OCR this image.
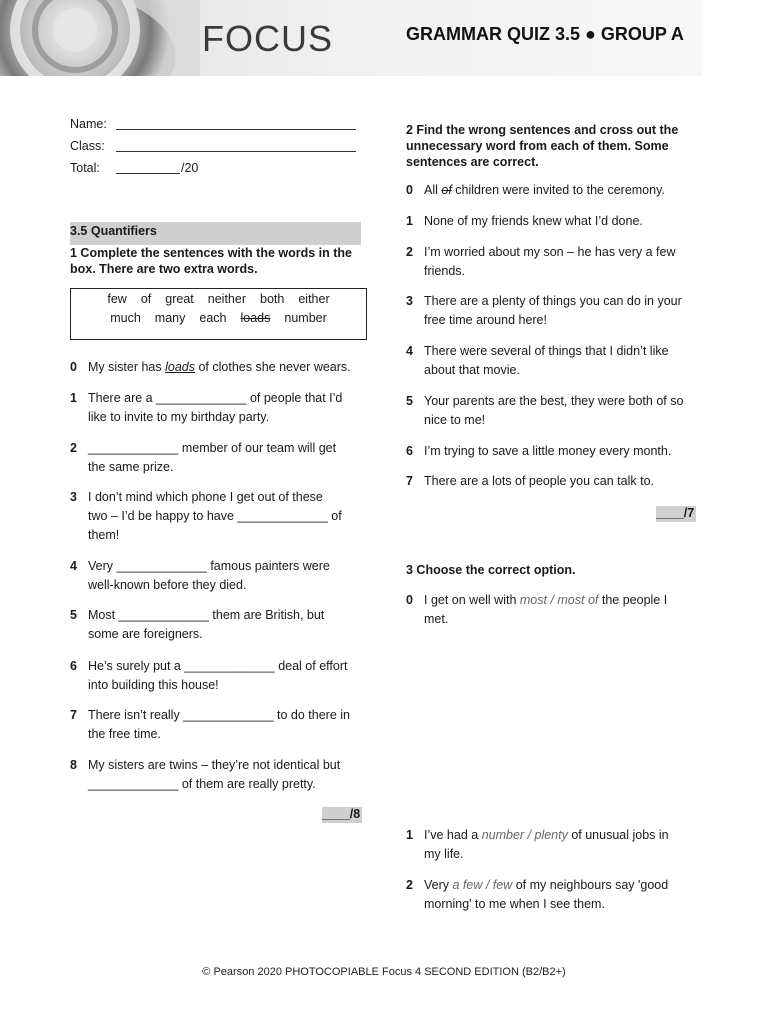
FOCUS	GRAMMAR QUIZ 3.5 ● GROUP A
Name:
Class:
Total:	/20
3.5 Quantifiers
1 Complete the sentences with the words in the box. There are two extra words.
few of great neither both either
much many each loads number
0 My sister has loads of clothes she never wears.
1 There are a _____________ of people that I’d
like to invite to my birthday party.
2 _____________ member of our team will get
the same prize.
3 I don’t mind which phone I get out of these
two – I’d be happy to have _____________ of
them!
4 Very _____________ famous painters were
well-known before they died.
5 Most _____________ them are British, but
some are foreigners.
6 He’s surely put a _____________ deal of effort
into building this house!
7 There isn’t really _____________ to do there in
the free time.
8 My sisters are twins – they’re not identical but
_____________ of them are really pretty.
____/8
2 Find the wrong sentences and cross out the unnecessary word from each of them. Some sentences are correct.
0 All of children were invited to the ceremony.
1 None of my friends knew what I’d done.
2 I’m worried about my son – he has very a few
friends.
3 There are a plenty of things you can do in your
free time around here!
4 There were several of things that I didn’t like
about that movie.
5 Your parents are the best, they were both of so
nice to me!
6 I’m trying to save a little money every month.
7 There are a lots of people you can talk to.
____/7
3 Choose the correct option.
0 I get on well with most / most of the people I
met.
1 I’ve had a number / plenty of unusual jobs in
my life.
2 Very a few / few of my neighbours say 'good
morning' to me when I see them.
© Pearson 2020 PHOTOCOPIABLE Focus 4 SECOND EDITION (B2/B2+)
